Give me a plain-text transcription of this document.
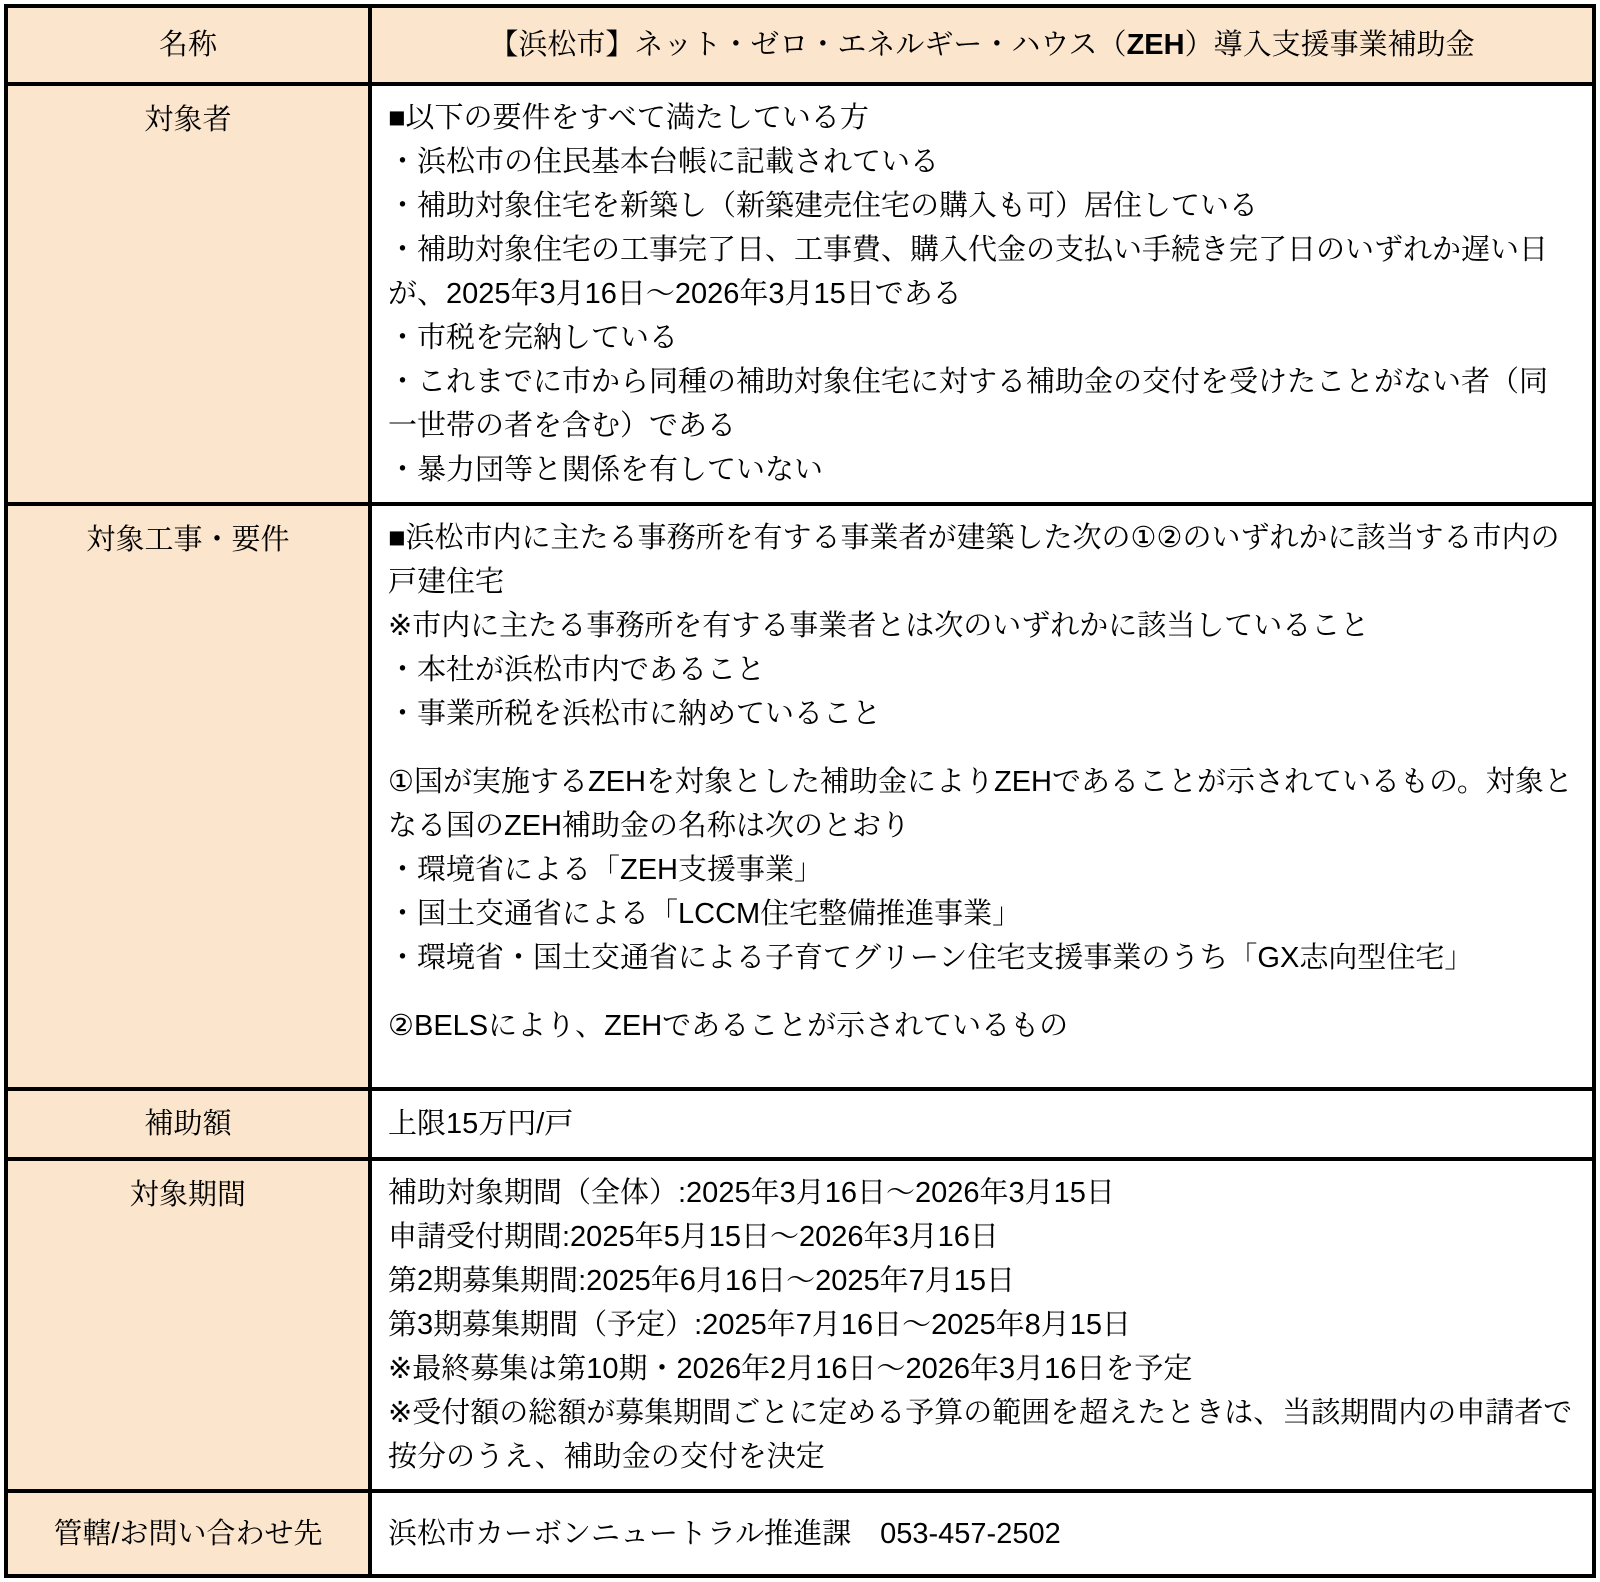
名称	【浜松市】ネット・ゼロ・エネルギー・ハウス（ZEH）導入支援事業補助金
対象者	■以下の要件をすべて満たしている方
・浜松市の住民基本台帳に記載されている
・補助対象住宅を新築し（新築建売住宅の購入も可）居住している
・補助対象住宅の工事完了日、工事費、購入代金の支払い手続き完了日のいずれか遅い日が、2025年3月16日～2026年3月15日である
・市税を完納している
・これまでに市から同種の補助対象住宅に対する補助金の交付を受けたことがない者（同一世帯の者を含む）である
・暴力団等と関係を有していない

対象工事・要件	■浜松市内に主たる事務所を有する事業者が建築した次の①②のいずれかに該当する市内の戸建住宅
※市内に主たる事務所を有する事業者とは次のいずれかに該当していること
・本社が浜松市内であること
・事業所税を浜松市に納めていること
①国が実施するZEHを対象とした補助金によりZEHであることが示されているもの。対象となる国のZEH補助金の名称は次のとおり
・環境省による「ZEH支援事業」
・国土交通省による「LCCM住宅整備推進事業」
・環境省・国土交通省による子育てグリーン住宅支援事業のうち「GX志向型住宅」
②BELSにより、ZEHであることが示されているもの

補助額	上限15万円/戸

対象期間	補助対象期間（全体）:2025年3月16日～2026年3月15日
申請受付期間:2025年5月15日～2026年3月16日
第2期募集期間:2025年6月16日～2025年7月15日
第3期募集期間（予定）:2025年7月16日～2025年8月15日
※最終募集は第10期・2026年2月16日～2026年3月16日を予定
※受付額の総額が募集期間ごとに定める予算の範囲を超えたときは、当該期間内の申請者で按分のうえ、補助金の交付を決定

管轄/お問い合わせ先	浜松市カーボンニュートラル推進課　053-457-2502
